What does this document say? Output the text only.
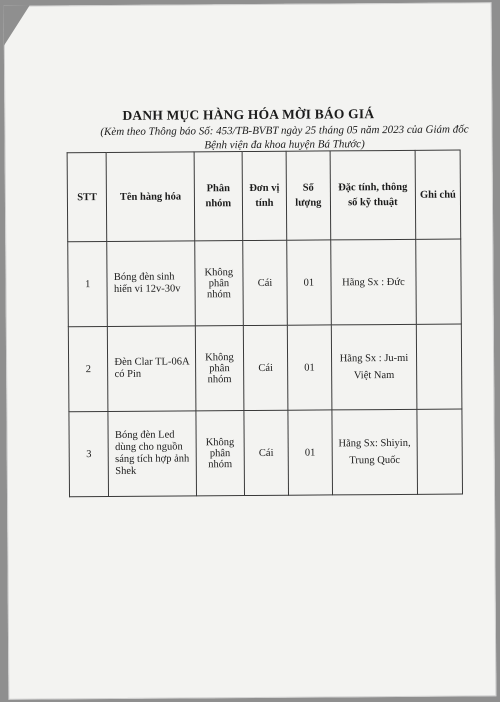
DANH MỤC HÀNG HÓA MỜI BÁO GIÁ
(Kèm theo Thông báo Số: 453/TB-BVBT ngày 25 tháng 05 năm 2023 của Giám đốc Bệnh viện đa khoa huyện Bá Thước)
STT	Tên hàng hóa	Phân nhóm	Đơn vị tính	Số lượng	Đặc tính, thông số kỹ thuật	Ghi chú
1	Bóng đèn sinh hiển vi 12v-30v	Không phân nhóm	Cái	01	Hãng Sx : Đức	
2	Đèn Clar TL-06A có Pin	Không phân nhóm	Cái	01	Hãng Sx : Ju-mi Việt Nam	
3	Bóng đèn Led dùng cho nguồn sáng tích hợp ảnh Shek	Không phân nhóm	Cái	01	Hãng Sx: Shiyin, Trung Quốc	
